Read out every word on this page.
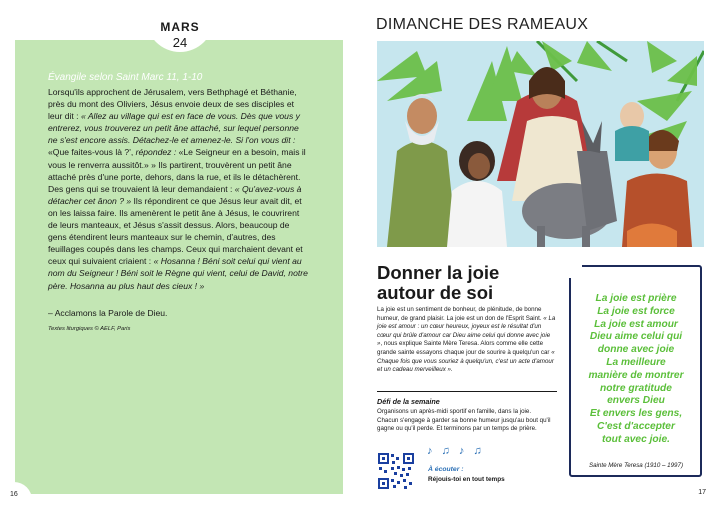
MARS
24
Évangile selon Saint Marc 11, 1-10

Lorsqu'ils approchent de Jérusalem, vers Bethphagé et Béthanie, près du mont des Oliviers, Jésus envoie deux de ses disciples et leur dit : « Allez au village qui est en face de vous. Dès que vous y entrerez, vous trouverez un petit âne attaché, sur lequel personne ne s'est encore assis. Détachez-le et amenez-le. Si l'on vous dit : «Que faites-vous là ?', répondez : «Le Seigneur en a besoin, mais il vous le renverra aussitôt.» » Ils partirent, trouvèrent un petit âne attaché près d'une porte, dehors, dans la rue, et ils le détachèrent. Des gens qui se trouvaient là leur demandaient : « Qu'avez-vous à détacher cet ânon ? » Ils répondirent ce que Jésus leur avait dit, et on les laissa faire. Ils amenèrent le petit âne à Jésus, le couvrirent de leurs manteaux, et Jésus s'assit dessus. Alors, beaucoup de gens étendirent leurs manteaux sur le chemin, d'autres, des feuillages coupés dans les champs. Ceux qui marchaient devant et ceux qui suivaient criaient : « Hosanna ! Béni soit celui qui vient au nom du Seigneur ! Béni soit le Règne qui vient, celui de David, notre père. Hosanna au plus haut des cieux ! »

– Acclamons la Parole de Dieu.
Textes liturgiques © AELF, Paris
16
DIMANCHE DES RAMEAUX
Donner la joie autour de soi
La joie est un sentiment de bonheur, de plénitude, de bonne humeur, de grand plaisir. La joie est un don de l'Esprit Saint. « La joie est amour : un cœur heureux, joyeux est le résultat d'un cœur qui brûle d'amour car Dieu aime celui qui donne avec joie », nous explique Sainte Mère Teresa. Alors comme elle cette grande sainte essayons chaque jour de sourire à quelqu'un car « Chaque fois que vous souriez à quelqu'un, c'est un acte d'amour et un cadeau merveilleux ».
Défi de la semaine
Organisons un après-midi sportif en famille, dans la joie. Chacun s'engage à garder sa bonne humeur jusqu'au bout qu'il gagne ou qu'il perde. Et terminons par un temps de prière.
♪ ♫ ♪ ♫
À écouter :
Réjouis-toi en tout temps
La joie est prière
La joie est force
La joie est amour
Dieu aime celui qui
donne avec joie
La meilleure
manière de montrer
notre gratitude
envers Dieu
Et envers les gens,
C'est d'accepter
tout avec joie.
Sainte Mère Teresa (1910 – 1997)
17
